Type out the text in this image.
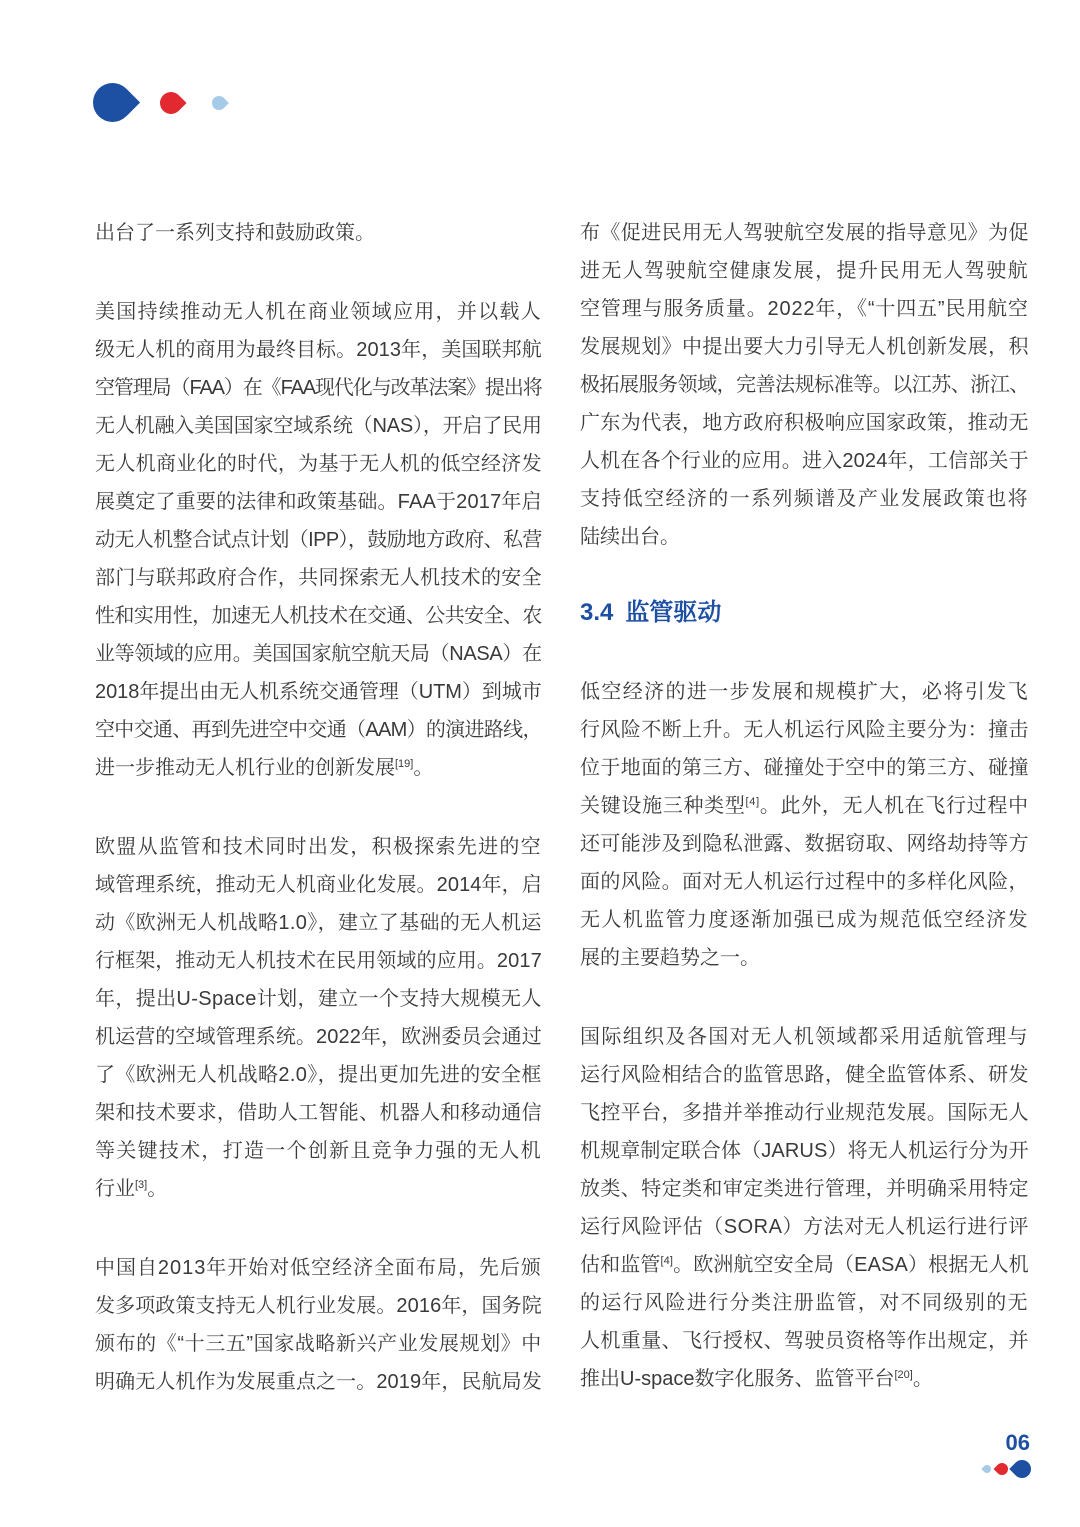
出台了一系列支持和鼓励政策。
美国持续推动无人机在商业领域应用，并以载人
级无人机的商用为最终目标。2013年，美国联邦航
空管理局（FAA）在《FAA现代化与改革法案》提出将
无人机融入美国国家空域系统（NAS），开启了民用
无人机商业化的时代，为基于无人机的低空经济发
展奠定了重要的法律和政策基础。FAA于2017年启
动无人机整合试点计划（IPP），鼓励地方政府、私营
部门与联邦政府合作，共同探索无人机技术的安全
性和实用性，加速无人机技术在交通、公共安全、农
业等领域的应用。美国国家航空航天局（NASA）在
2018年提出由无人机系统交通管理（UTM）到城市
空中交通、再到先进空中交通（AAM）的演进路线，
进一步推动无人机行业的创新发展[19]。
欧盟从监管和技术同时出发，积极探索先进的空
域管理系统，推动无人机商业化发展。2014年，启
动《欧洲无人机战略1.0》，建立了基础的无人机运
行框架，推动无人机技术在民用领域的应用。2017
年，提出U-Space计划，建立一个支持大规模无人
机运营的空域管理系统。2022年，欧洲委员会通过
了《欧洲无人机战略2.0》，提出更加先进的安全框
架和技术要求，借助人工智能、机器人和移动通信
等关键技术，打造一个创新且竞争力强的无人机
行业[3]。
中国自2013年开始对低空经济全面布局，先后颁
发多项政策支持无人机行业发展。2016年，国务院
颁布的《“十三五”国家战略新兴产业发展规划》中
明确无人机作为发展重点之一。2019年，民航局发
布《促进民用无人驾驶航空发展的指导意见》为促
进无人驾驶航空健康发展，提升民用无人驾驶航
空管理与服务质量。2022年，《“十四五”民用航空
发展规划》中提出要大力引导无人机创新发展，积
极拓展服务领域，完善法规标准等。以江苏、浙江、
广东为代表，地方政府积极响应国家政策，推动无
人机在各个行业的应用。进入2024年，工信部关于
支持低空经济的一系列频谱及产业发展政策也将
陆续出台。
3.4 监管驱动
低空经济的进一步发展和规模扩大，必将引发飞
行风险不断上升。无人机运行风险主要分为：撞击
位于地面的第三方、碰撞处于空中的第三方、碰撞
关键设施三种类型[4]。此外，无人机在飞行过程中
还可能涉及到隐私泄露、数据窃取、网络劫持等方
面的风险。面对无人机运行过程中的多样化风险，
无人机监管力度逐渐加强已成为规范低空经济发
展的主要趋势之一。
国际组织及各国对无人机领域都采用适航管理与
运行风险相结合的监管思路，健全监管体系、研发
飞控平台，多措并举推动行业规范发展。国际无人
机规章制定联合体（JARUS）将无人机运行分为开
放类、特定类和审定类进行管理，并明确采用特定
运行风险评估（SORA）方法对无人机运行进行评
估和监管[4]。欧洲航空安全局（EASA）根据无人机
的运行风险进行分类注册监管，对不同级别的无
人机重量、飞行授权、驾驶员资格等作出规定，并
推出U-space数字化服务、监管平台[20]。
06
